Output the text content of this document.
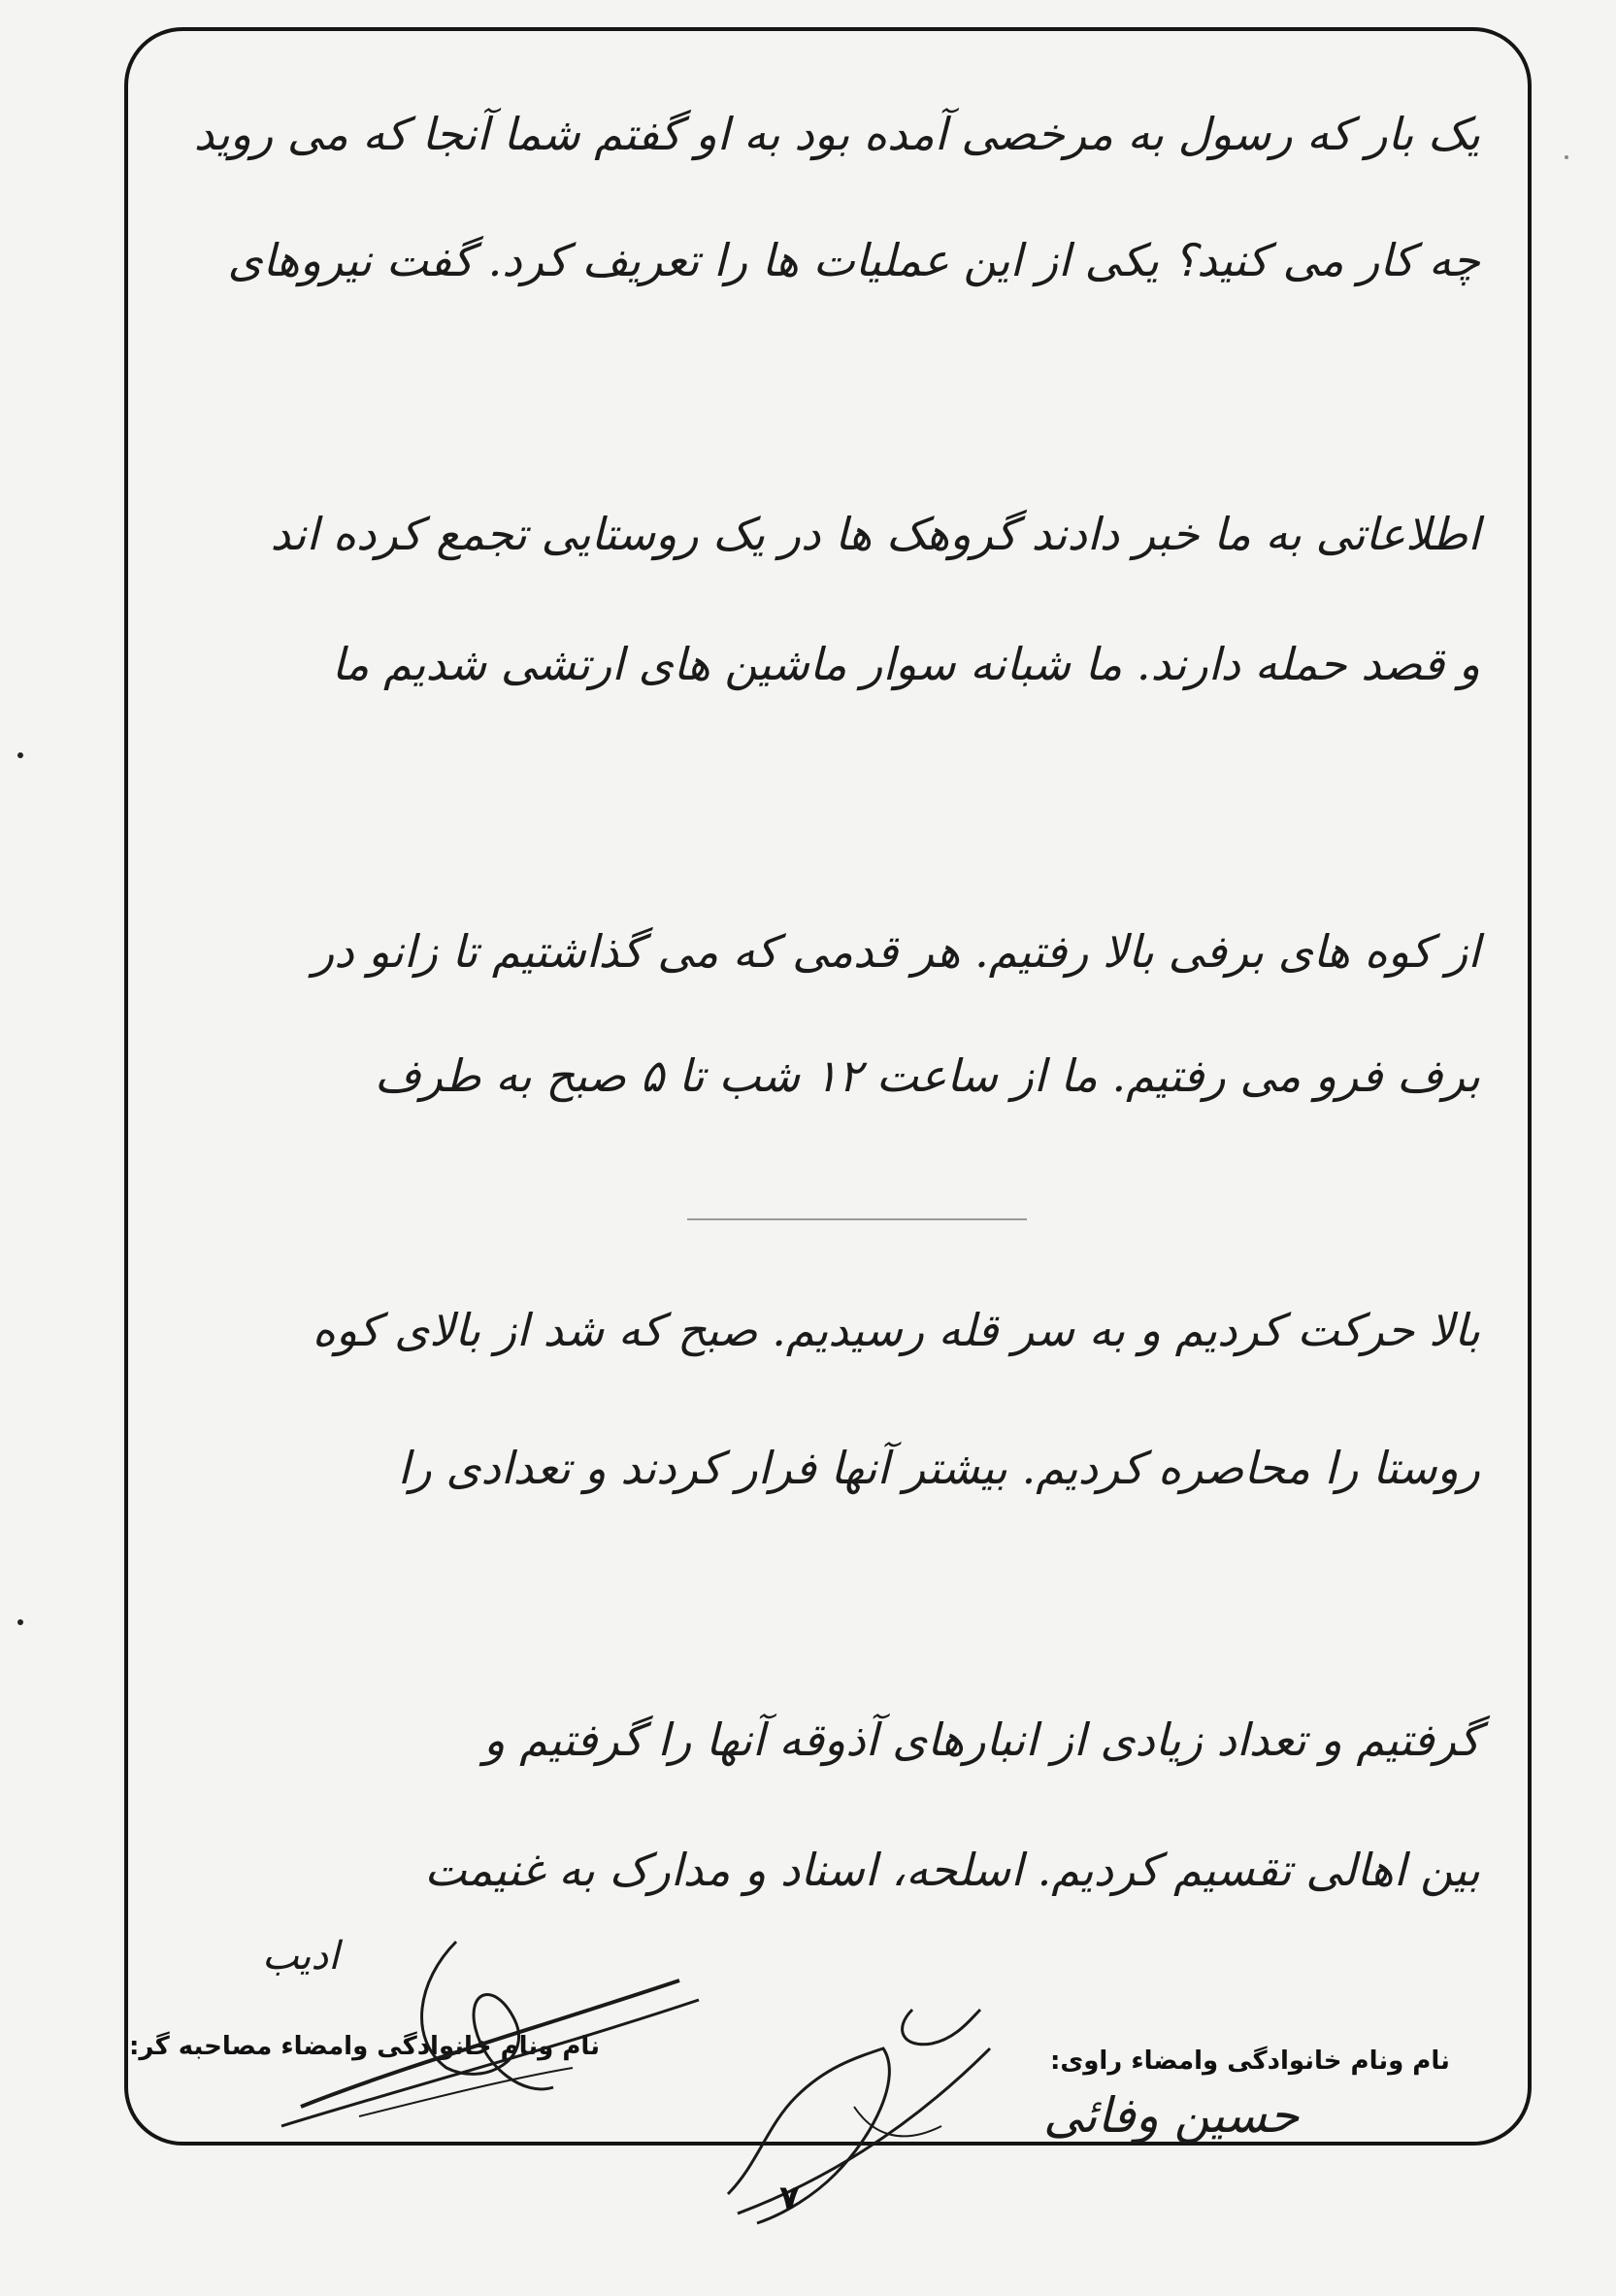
یک بار که رسول به مرخصی آمده بود به او گفتم شما آنجا که می روید
چه کار می کنید؟ یکی از این عملیات ها را تعریف کرد. گفت نیروهای
اطلاعاتی به ما خبر دادند گروهک ها در یک روستایی تجمع کرده اند
و قصد حمله دارند. ما شبانه سوار ماشین های ارتشی شدیم ما
از کوه های برفی بالا رفتیم. هر قدمی که می گذاشتیم تا زانو در
برف فرو می رفتیم. ما از ساعت ۱۲ شب تا ۵ صبح به طرف
بالا حرکت کردیم و به سر قله رسیدیم. صبح که شد از بالای کوه
روستا را محاصره کردیم. بیشتر آنها فرار کردند و تعدادی را
گرفتیم و تعداد زیادی از انبارهای آذوقه آنها را گرفتیم و
بین اهالی تقسیم کردیم. اسلحه، اسناد و مدارک به غنیمت
ادیب
نام ونام خانوادگی وامضاء راوی:
حسین وفائی
نام ونام خانوادگی وامضاء مصاحبه گر:
۷
